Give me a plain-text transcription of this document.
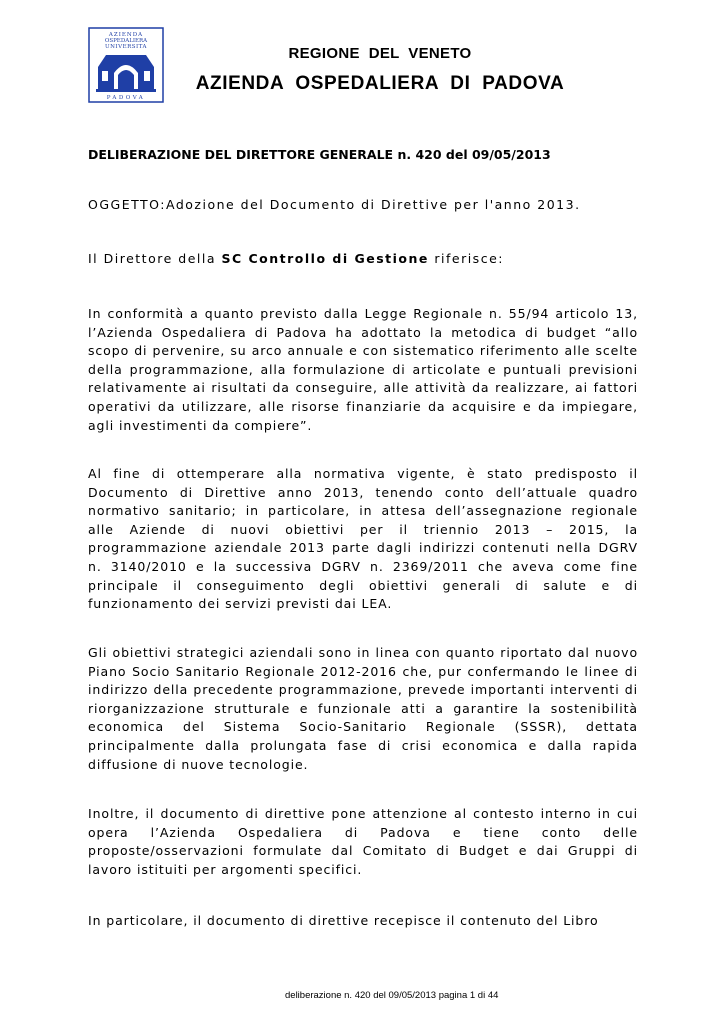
AZIENDA
OSPEDALIERA
UNIVERSITA
PADOVA
REGIONE  DEL  VENETO
AZIENDA  OSPEDALIERA  DI  PADOVA
DELIBERAZIONE DEL DIRETTORE GENERALE n. 420 del 09/05/2013
OGGETTO:Adozione del Documento di Direttive per l'anno 2013.
Il Direttore della SC Controllo di Gestione riferisce:

In conformità a quanto previsto dalla Legge Regionale n. 55/94 articolo 13, l’Azienda Ospedaliera di Padova ha adottato la metodica di budget “allo scopo di pervenire, su arco annuale e con sistematico riferimento alle scelte della programmazione, alla formulazione di articolate e puntuali previsioni relativamente ai risultati da conseguire, alle attività da realizzare, ai fattori operativi da utilizzare, alle risorse finanziarie da acquisire e da impiegare, agli investimenti da compiere”.

Al fine di ottemperare alla normativa vigente, è stato predisposto il Documento di Direttive anno 2013, tenendo conto dell’attuale quadro normativo sanitario; in particolare, in attesa dell’assegnazione regionale alle Aziende di nuovi obiettivi per il triennio 2013 – 2015, la programmazione aziendale 2013 parte dagli indirizzi contenuti nella DGRV n. 3140/2010 e la successiva DGRV n. 2369/2011 che aveva come fine principale il conseguimento degli obiettivi generali di salute e di funzionamento dei servizi previsti dai LEA.

Gli obiettivi strategici aziendali sono in linea con quanto riportato dal nuovo Piano Socio Sanitario Regionale 2012-2016 che, pur confermando le linee di indirizzo della precedente programmazione, prevede importanti interventi di riorganizzazione strutturale e funzionale atti a garantire la sostenibilità economica del Sistema Socio-Sanitario Regionale (SSSR), dettata principalmente dalla prolungata fase di crisi economica e dalla rapida diffusione di nuove tecnologie.

Inoltre, il documento di direttive pone attenzione al contesto interno in cui opera l’Azienda Ospedaliera di Padova e tiene conto delle proposte/osservazioni formulate dal Comitato di Budget e dai Gruppi di lavoro istituiti per argomenti specifici.

In particolare, il documento di direttive recepisce il contenuto del Libro

deliberazione n. 420 del 09/05/2013 pagina 1 di 44
